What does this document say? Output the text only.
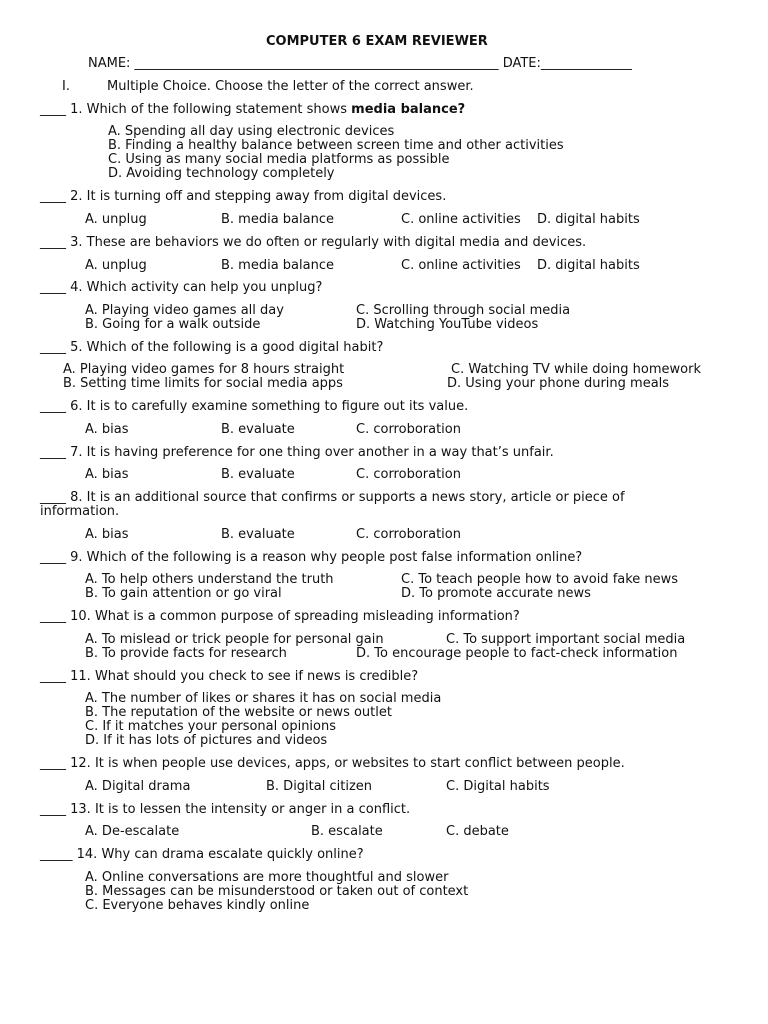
COMPUTER 6 EXAM REVIEWER
NAME: ________________________________________________________ DATE:______________
I.	Multiple Choice. Choose the letter of the correct answer.
____ 1. Which of the following statement shows media balance?
A. Spending all day using electronic devices
B. Finding a healthy balance between screen time and other activities
C. Using as many social media platforms as possible
D. Avoiding technology completely
____ 2. It is turning off and stepping away from digital devices.
A. unplug	B. media balance	C. online activities D. digital habits
____ 3. These are behaviors we do often or regularly with digital media and devices.
A. unplug	B. media balance	C. online activities D. digital habits
____ 4. Which activity can help you unplug?
A. Playing video games all day
B. Going for a walk outside
C. Scrolling through social media
D. Watching YouTube videos
____ 5. Which of the following is a good digital habit?
A. Playing video games for 8 hours straight
B. Setting time limits for social media apps
C. Watching TV while doing homework
D. Using your phone during meals
____ 6. It is to carefully examine something to figure out its value.
A. bias	B. evaluate	C. corroboration
____ 7. It is having preference for one thing over another in a way that’s unfair.
A. bias	B. evaluate	C. corroboration
____ 8. It is an additional source that confirms or supports a news story, article or piece of
information.
A. bias	B. evaluate	C. corroboration
____ 9. Which of the following is a reason why people post false information online?
A. To help others understand the truth
B. To gain attention or go viral
C. To teach people how to avoid fake news
D. To promote accurate news
____ 10. What is a common purpose of spreading misleading information?
A. To mislead or trick people for personal gain
B. To provide facts for research
C. To support important social media
D. To encourage people to fact-check information
____ 11. What should you check to see if news is credible?
A. The number of likes or shares it has on social media
B. The reputation of the website or news outlet
C. If it matches your personal opinions
D. If it has lots of pictures and videos
____ 12. It is when people use devices, apps, or websites to start conflict between people.
A. Digital drama	B. Digital citizen	C. Digital habits
____ 13. It is to lessen the intensity or anger in a conflict.
A. De-escalate	B. escalate	C. debate
_____ 14. Why can drama escalate quickly online?
A. Online conversations are more thoughtful and slower
B. Messages can be misunderstood or taken out of context
C. Everyone behaves kindly online
